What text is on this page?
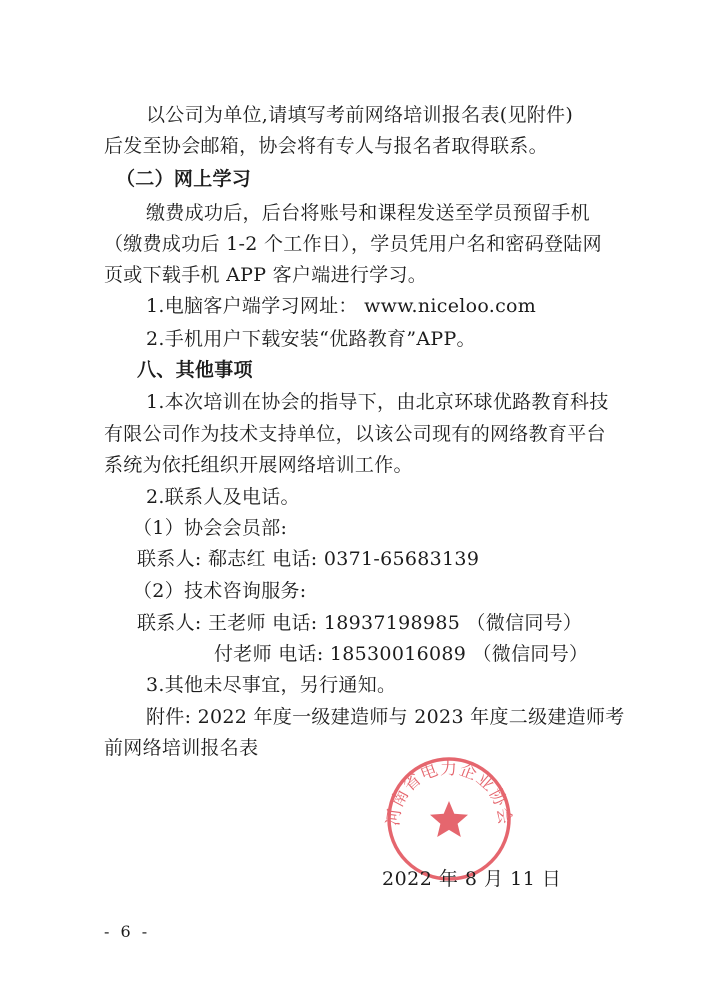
以公司为单位,请填写考前网络培训报名表(见附件)
后发至协会邮箱，协会将有专人与报名者取得联系。
（二）网上学习
缴费成功后，后台将账号和课程发送至学员预留手机
（缴费成功后 1-2 个工作日），学员凭用户名和密码登陆网
页或下载手机 APP 客户端进行学习。
1.电脑客户端学习网址： www.niceloo.com
2.手机用户下载安装“优路教育”APP。
八、其他事项
1.本次培训在协会的指导下，由北京环球优路教育科技
有限公司作为技术支持单位，以该公司现有的网络教育平台
系统为依托组织开展网络培训工作。
2.联系人及电话。
（1）协会会员部:
联系人: 郗志红 电话: 0371-65683139
（2）技术咨询服务:
联系人: 王老师 电话: 18937198985 （微信同号）
付老师 电话: 18530016089 （微信同号）
3.其他未尽事宜，另行通知。
附件: 2022 年度一级建造师与 2023 年度二级建造师考
前网络培训报名表
河南省电力企业协会
2022 年 8 月 11 日
- 6 -
